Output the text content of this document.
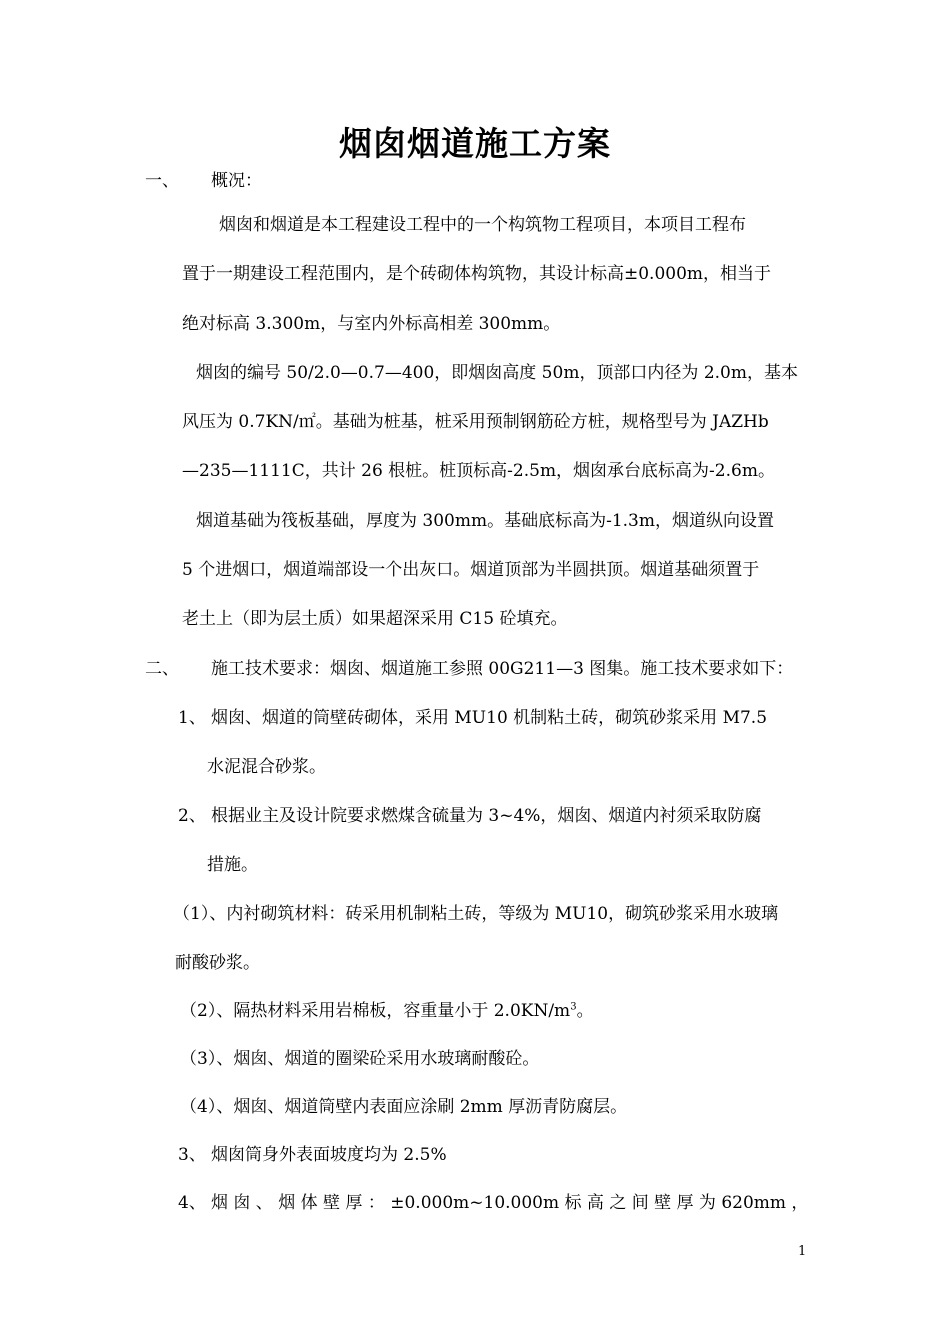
烟囱烟道施工方案
一、 概况：
烟囱和烟道是本工程建设工程中的一个构筑物工程项目，本项目工程布
置于一期建设工程范围内，是个砖砌体构筑物，其设计标高±0.000m，相当于
绝对标高 3.300m，与室内外标高相差 300mm。
烟囱的编号 50/2.0—0.7—400，即烟囱高度 50m，顶部口内径为 2.0m，基本
风压为 0.7KN/㎡。基础为桩基，桩采用预制钢筋砼方桩，规格型号为 JAZHb
—235—1111C，共计 26 根桩。桩顶标高-2.5m，烟囱承台底标高为-2.6m。
烟道基础为筏板基础，厚度为 300mm。基础底标高为-1.3m，烟道纵向设置
5 个进烟口，烟道端部设一个出灰口。烟道顶部为半圆拱顶。烟道基础须置于
老土上（即为层土质）如果超深采用 C15 砼填充。
二、 施工技术要求：烟囱、烟道施工参照 00G211—3 图集。施工技术要求如下：
1、 烟囱、烟道的筒壁砖砌体，采用 MU10 机制粘土砖，砌筑砂浆采用 M7.5
水泥混合砂浆。
2、 根据业主及设计院要求燃煤含硫量为 3~4%，烟囱、烟道内衬须采取防腐
措施。
（1）、内衬砌筑材料：砖采用机制粘土砖，等级为 MU10，砌筑砂浆采用水玻璃
耐酸砂浆。
（2）、隔热材料采用岩棉板，容重量小于 $2.0KN/m^3$。
（3）、烟囱、烟道的圈梁砼采用水玻璃耐酸砼。
（4）、烟囱、烟道筒壁内表面应涂刷 2mm 厚沥青防腐层。
3、 烟囱筒身外表面坡度均为 2.5%
4、 烟 囱 、 烟 体 壁 厚 ： ±0.000m~10.000m 标 高 之 间 壁 厚 为 620mm ，
1
